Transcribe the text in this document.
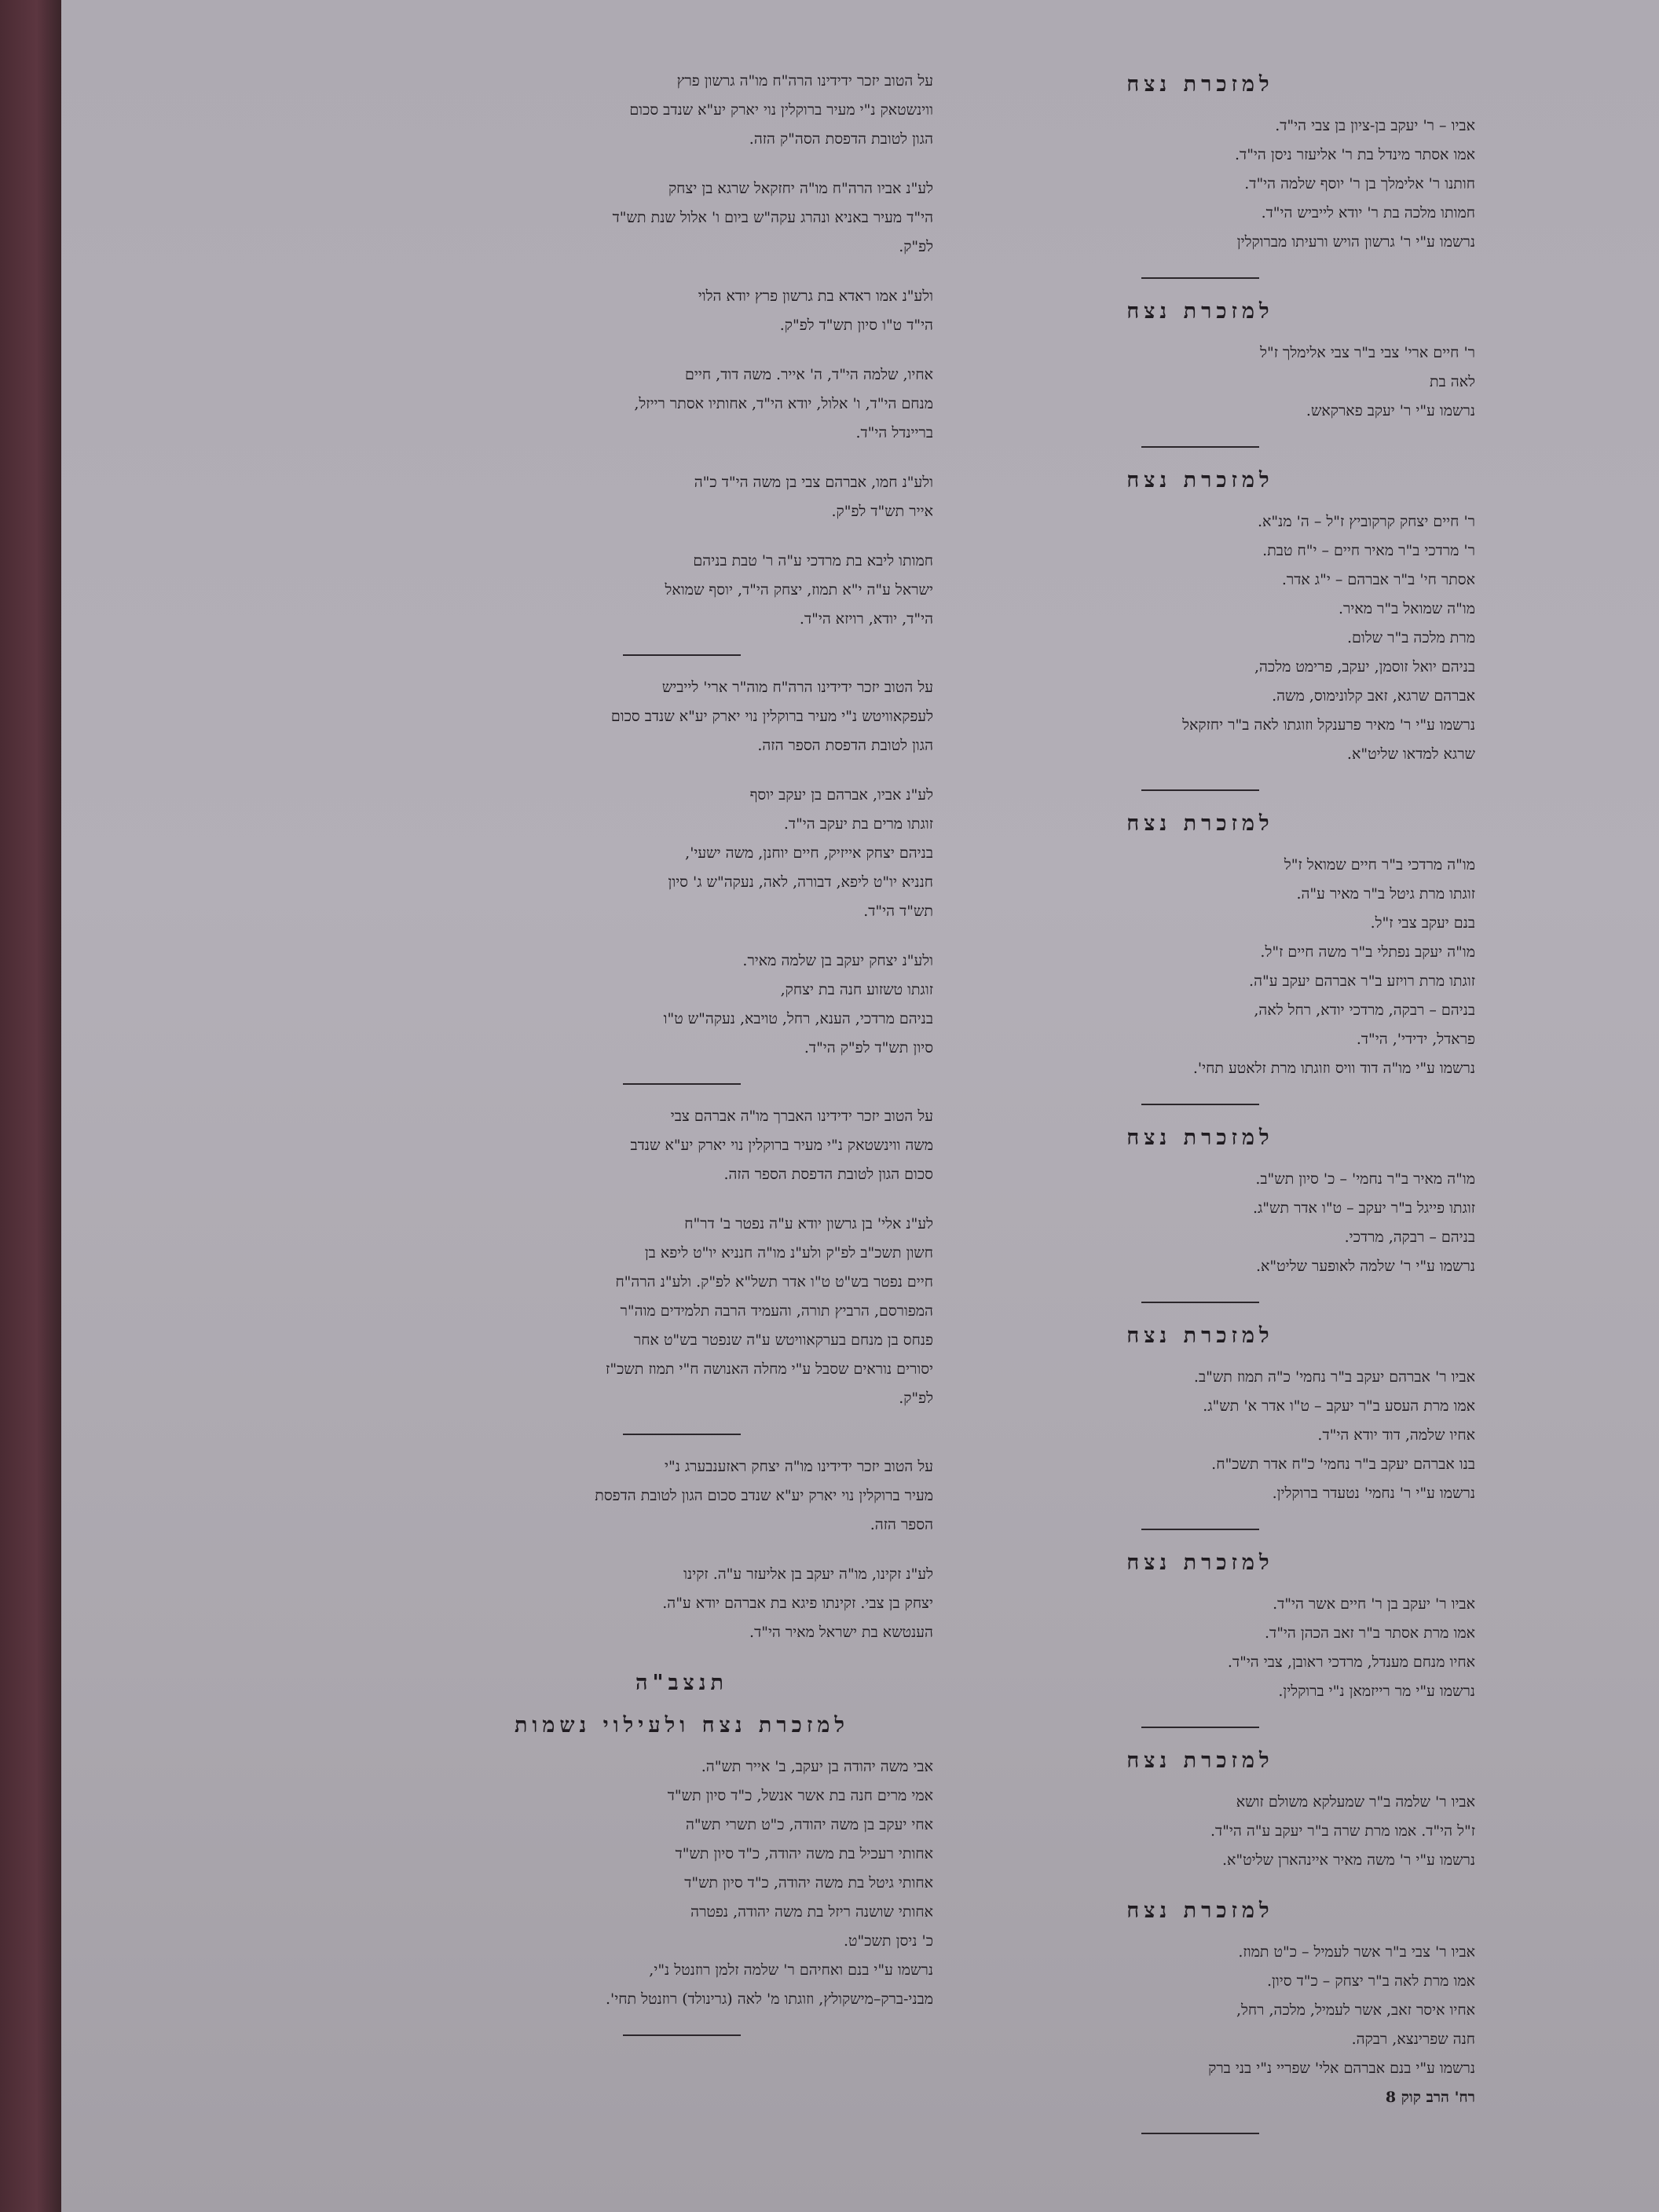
למזכרת נצח

אביו – ר' יעקב בן-ציון בן צבי הי"ד.

אמו אסתר מינדל בת ר' אליעזר ניסן הי"ד.

חותנו ר' אלימלך בן ר' יוסף שלמה הי"ד.

חמותו מלכה בת ר' יודא לייביש הי"ד.

נרשמו ע"י ר' גרשון הויש ורעיתו מברוקלין

למזכרת נצח

ר' חיים ארי' צבי ב"ר צבי אלימלך ז"ל

לאה בת

נרשמו ע"י ר' יעקב פארקאש.

למזכרת נצח

ר' חיים יצחק קרקוביץ ז"ל – ה' מנ"א.

ר' מרדכי ב"ר מאיר חיים – י"ח טבת.

אסתר חי' ב"ר אברהם – י"ג אדר.

מו"ה שמואל ב"ר מאיר.

מרת מלכה ב"ר שלום.

בניהם יואל זוסמן, יעקב, פרימט מלכה,

אברהם שרגא, זאב קלונימוס, משה.

נרשמו ע"י ר' מאיר פרענקל וזוגתו לאה ב"ר יחזקאל

שרגא למדאו שליט"א.

למזכרת נצח

מו"ה מרדכי ב"ר חיים שמואל ז"ל

זוגתו מרת גיטל ב"ר מאיר ע"ה.

בנם יעקב צבי ז"ל.

מו"ה יעקב נפתלי ב"ר משה חיים ז"ל.

זוגתו מרת רויזע ב"ר אברהם יעקב ע"ה.

בניהם – רבקה, מרדכי יודא, רחל לאה,

פראדל, ידידי', הי"ד.

נרשמו ע"י מו"ה דוד וויס וזוגתו מרת זלאטע תחי'.

למזכרת נצח

מו"ה מאיר ב"ר נחמי' – כ' סיון תש"ב.

זוגתו פייגל ב"ר יעקב – ט"ו אדר תש"ג.

בניהם – רבקה, מרדכי.

נרשמו ע"י ר' שלמה לאופער שליט"א.

למזכרת נצח

אביו ר' אברהם יעקב ב"ר נחמי' כ"ה תמוז תש"ב.

אמו מרת העסע ב"ר יעקב – ט"ו אדר א' תש"ג.

אחיו שלמה, דוד יודא הי"ד.

בנו אברהם יעקב ב"ר נחמי' כ"ח אדר תשכ"ח.

נרשמו ע"י ר' נחמי' נטעדר ברוקלין.

למזכרת נצח

אביו ר' יעקב בן ר' חיים אשר הי"ד.

אמו מרת אסתר ב"ר זאב הכהן הי"ד.

אחיו מנחם מענדל, מרדכי ראובן, צבי הי"ד.

נרשמו ע"י מר רייזמאן נ"י ברוקלין.

למזכרת נצח

אביו ר' שלמה ב"ר שמעלקא משולם זושא

ז"ל הי"ד. אמו מרת שרה ב"ר יעקב ע"ה הי"ד.

נרשמו ע"י ר' משה מאיר איינהארן שליט"א.

למזכרת נצח

אביו ר' צבי ב"ר אשר לעמיל – כ"ט תמוז.

אמו מרת לאה ב"ר יצחק – כ"ד סיון.

אחיו איסר זאב, אשר לעמיל, מלכה, רחל,

חנה שפרינצא, רבקה.

נרשמו ע"י בנם אברהם אלי' שפריי נ"י בני ברק

רח' הרב קוק 8

על הטוב יזכר ידידינו הרה"ח מו"ה גרשון פרץ

ווינשטאק נ"י מעיר ברוקלין נוי יארק יע"א שנדב סכום

הגון לטובת הדפסת הסה"ק הזה.

לע"נ אביו הרה"ח מו"ה יחזקאל שרגא בן יצחק

הי"ד מעיר באניא ונהרג עקה"ש ביום ו' אלול שנת תש"ד

לפ"ק.

ולע"נ אמו ראדא בת גרשון פרץ יודא הלוי

הי"ד ט"ו סיון תש"ד לפ"ק.

אחיו, שלמה הי"ד, ה' אייר. משה דוד, חיים

מנחם הי"ד, ו' אלול, יודא הי"ד, אחותיו אסתר רייזל,

בריינדל הי"ד.

ולע"נ חמו, אברהם צבי בן משה הי"ד כ"ה

אייר תש"ד לפ"ק.

חמותו ליבא בת מרדכי ע"ה ר' טבת בניהם

ישראל ע"ה י"א תמוז, יצחק הי"ד, יוסף שמואל

הי"ד, יודא, רויזא הי"ד.

על הטוב יזכר ידידינו הרה"ח מוה"ר ארי' לייביש

לעפקאוויטש נ"י מעיר ברוקלין נוי יארק יע"א שנדב סכום

הגון לטובת הדפסת הספר הזה.

לע"נ אביו, אברהם בן יעקב יוסף

זוגתו מרים בת יעקב הי"ד.

בניהם יצחק אייזיק, חיים יוחנן, משה ישעי',

חנניא יו"ט ליפא, דבורה, לאה, נעקה"ש ג' סיון

תש"ד הי"ד.

ולע"נ יצחק יעקב בן שלמה מאיר.

זוגתו טשזוע חנה בת יצחק,

בניהם מרדכי, הענא, רחל, טויבא, נעקה"ש ט"ו

סיון תש"ד לפ"ק הי"ד.

על הטוב יזכר ידידינו האברך מו"ה אברהם צבי

משה ווינשטאק נ"י מעיר ברוקלין נוי יארק יע"א שנדב

סכום הגון לטובת הדפסת הספר הזה.

לע"נ אלי' בן גרשון יודא ע"ה נפטר ב' דר"ח

חשון תשכ"ב לפ"ק ולע"נ מו"ה חנניא יו"ט ליפא בן

חיים נפטר בש"ט ט"ו אדר תשל"א לפ"ק. ולע"נ הרה"ח

המפורסם, הרביץ תורה, והעמיד הרבה תלמידים מוה"ר

פנחס בן מנחם בערקאוויטש ע"ה שנפטר בש"ט אחר

יסורים נוראים שסבל ע"י מחלה האנושה ח"י תמוז תשכ"ז

לפ"ק.

על הטוב יזכר ידידינו מו"ה יצחק ראזענבערג נ"י

מעיר ברוקלין נוי יארק יע"א שנדב סכום הגון לטובת הדפסת

הספר הזה.

לע"נ זקינו, מו"ה יעקב בן אליעזר ע"ה. זקינו

יצחק בן צבי. זקינתו פיגא בת אברהם יודא ע"ה.

הענטשא בת ישראל מאיר הי"ד.

תנצב"ה
למזכרת נצח ולעילוי נשמות

אבי משה יהודה בן יעקב, ב' אייר תש"ה.

אמי מרים חנה בת אשר אנשל, כ"ד סיון תש"ד

אחי יעקב בן משה יהודה, כ"ט תשרי תש"ה

אחותי רעכיל בת משה יהודה, כ"ד סיון תש"ד

אחותי גיטל בת משה יהודה, כ"ד סיון תש"ד

אחותי שושנה ריזל בת משה יהודה, נפטרה

כ' ניסן תשכ"ט.

נרשמו ע"י בנם ואחיהם ר' שלמה זלמן רוזנטל נ"י,

מבני-ברק–מישקולץ, וזוגתו מ' לאה (גרינולד) רוזנטל תחי'.
